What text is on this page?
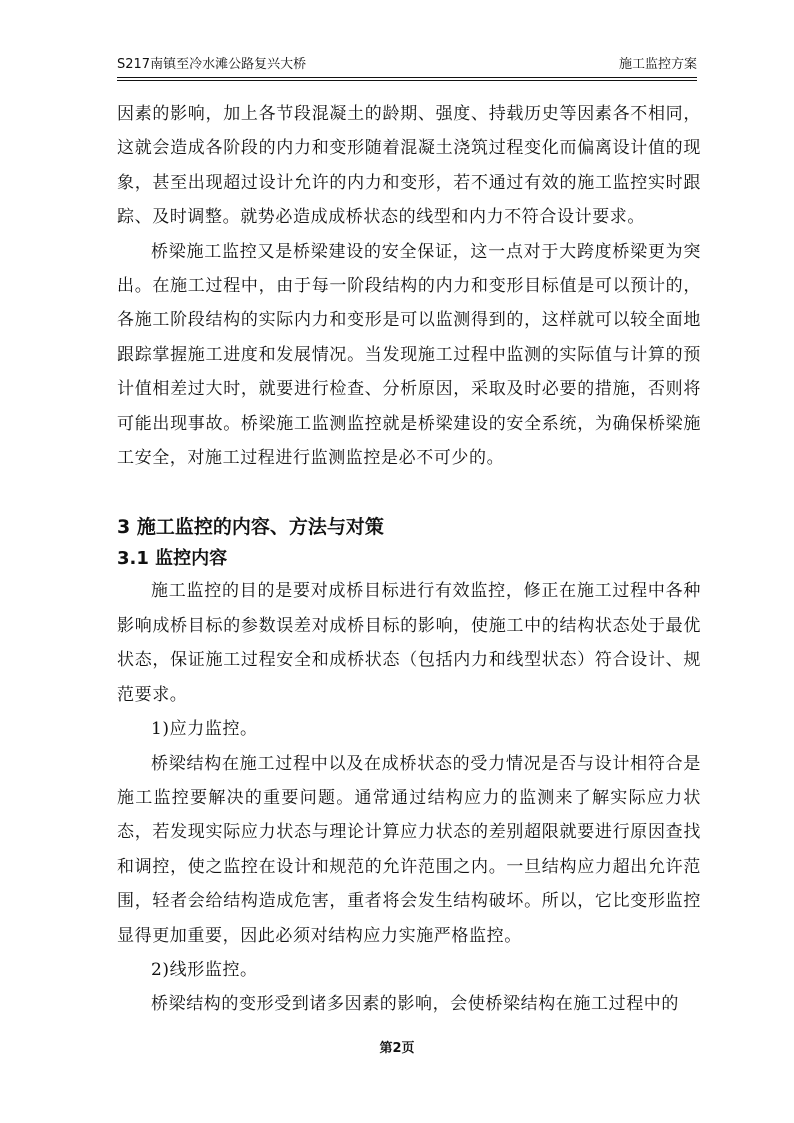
S217南镇至冷水滩公路复兴大桥	施工监控方案

因素的影响，加上各节段混凝土的龄期、强度、持载历史等因素各不相同，这就会造成各阶段的内力和变形随着混凝土浇筑过程变化而偏离设计值的现象，甚至出现超过设计允许的内力和变形，若不通过有效的施工监控实时跟踪、及时调整。就势必造成成桥状态的线型和内力不符合设计要求。

桥梁施工监控又是桥梁建设的安全保证，这一点对于大跨度桥梁更为突出。在施工过程中，由于每一阶段结构的内力和变形目标值是可以预计的，各施工阶段结构的实际内力和变形是可以监测得到的，这样就可以较全面地跟踪掌握施工进度和发展情况。当发现施工过程中监测的实际值与计算的预计值相差过大时，就要进行检查、分析原因，采取及时必要的措施，否则将可能出现事故。桥梁施工监测监控就是桥梁建设的安全系统，为确保桥梁施工安全，对施工过程进行监测监控是必不可少的。

3 施工监控的内容、方法与对策

3.1 监控内容

施工监控的目的是要对成桥目标进行有效监控，修正在施工过程中各种影响成桥目标的参数误差对成桥目标的影响，使施工中的结构状态处于最优状态，保证施工过程安全和成桥状态（包括内力和线型状态）符合设计、规范要求。

1)应力监控。

桥梁结构在施工过程中以及在成桥状态的受力情况是否与设计相符合是施工监控要解决的重要问题。通常通过结构应力的监测来了解实际应力状态，若发现实际应力状态与理论计算应力状态的差别超限就要进行原因查找和调控，使之监控在设计和规范的允许范围之内。一旦结构应力超出允许范围，轻者会给结构造成危害，重者将会发生结构破坏。所以，它比变形监控显得更加重要，因此必须对结构应力实施严格监控。

2)线形监控。

桥梁结构的变形受到诸多因素的影响，会使桥梁结构在施工过程中的

第2页
